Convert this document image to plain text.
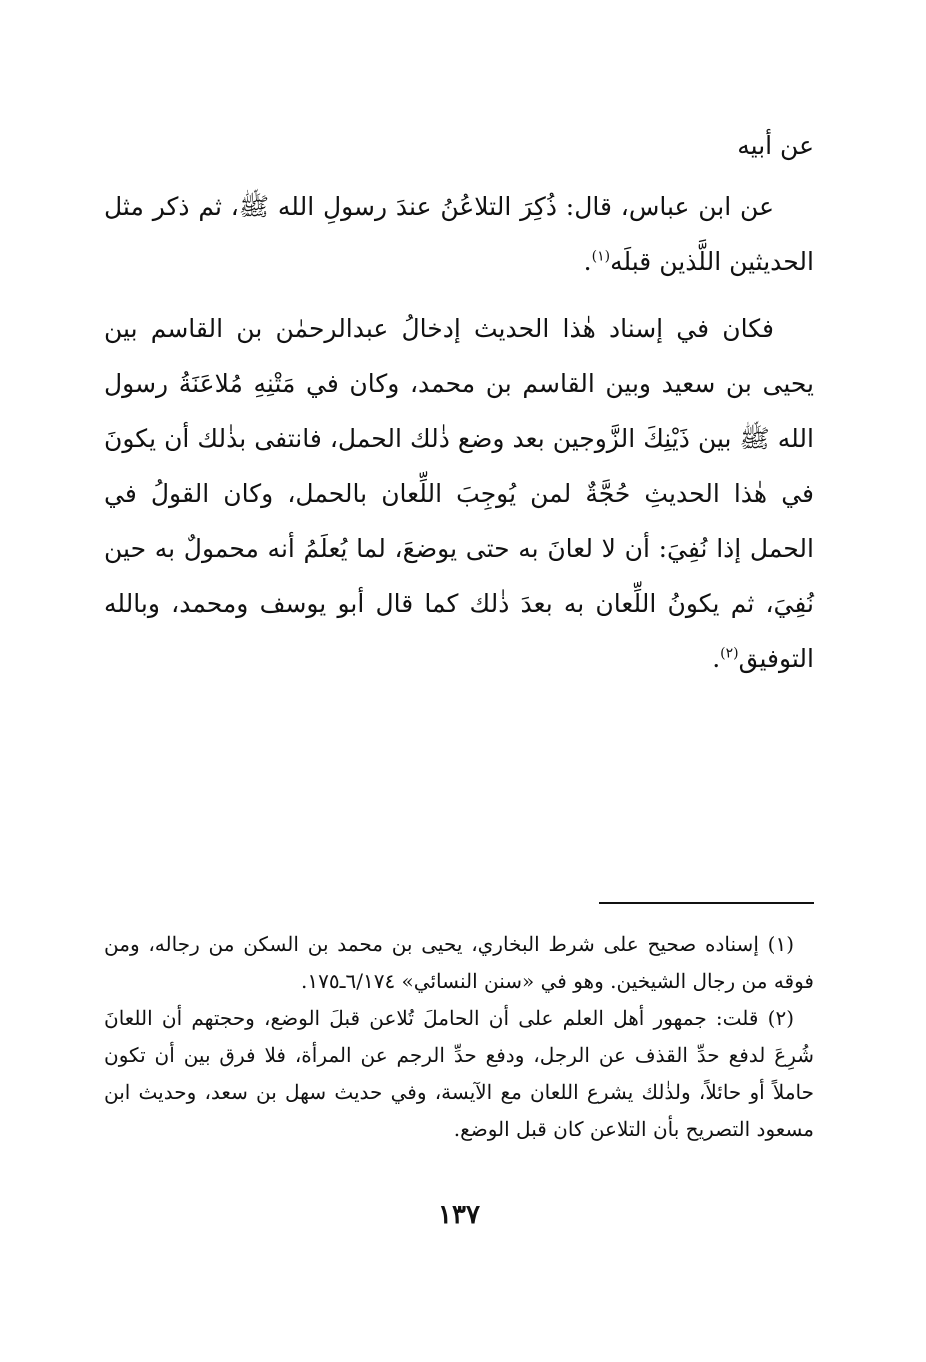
عن أبيه

عن ابن عباس، قال: ذُكِرَ التلاعُنُ عندَ رسولِ الله ﷺ، ثم ذكر مثل الحديثين اللَّذين قبلَه$^{(١)}$.

فكان في إسناد هٰذا الحديث إدخالُ عبدالرحمٰن بن القاسم بين يحيى بن سعيد وبين القاسم بن محمد، وكان في مَتْنِهِ مُلاعَنَةُ رسول الله ﷺ بين ذَيْنِكَ الزَّوجين بعد وضع ذٰلك الحمل، فانتفى بذٰلك أن يكونَ في هٰذا الحديثِ حُجَّةٌ لمن يُوجِبَ اللِّعان بالحمل، وكان القولُ في الحمل إذا نُفِيَ: أن لا لعانَ به حتى يوضعَ، لما يُعلَمُ أنه محمولٌ به حين نُفِيَ، ثم يكونُ اللِّعان به بعدَ ذٰلك كما قال أبو يوسف ومحمد، وبالله التوفيق$^{(٢)}$.

(١) إسناده صحيح على شرط البخاري، يحيى بن محمد بن السكن من رجاله، ومن فوقه من رجال الشيخين. وهو في «سنن النسائي» ٦/١٧٤ـ١٧٥.

(٢) قلت: جمهور أهل العلم على أن الحاملَ تُلاعن قبلَ الوضع، وحجتهم أن اللعانَ شُرِعَ لدفع حدِّ القذف عن الرجل، ودفع حدِّ الرجم عن المرأة، فلا فرق بين أن تكون حاملاً أو حائلاً، ولذٰلك يشرع اللعان مع الآيسة، وفي حديث سهل بن سعد، وحديث ابن مسعود التصريح بأن التلاعن كان قبل الوضع.

١٣٧
